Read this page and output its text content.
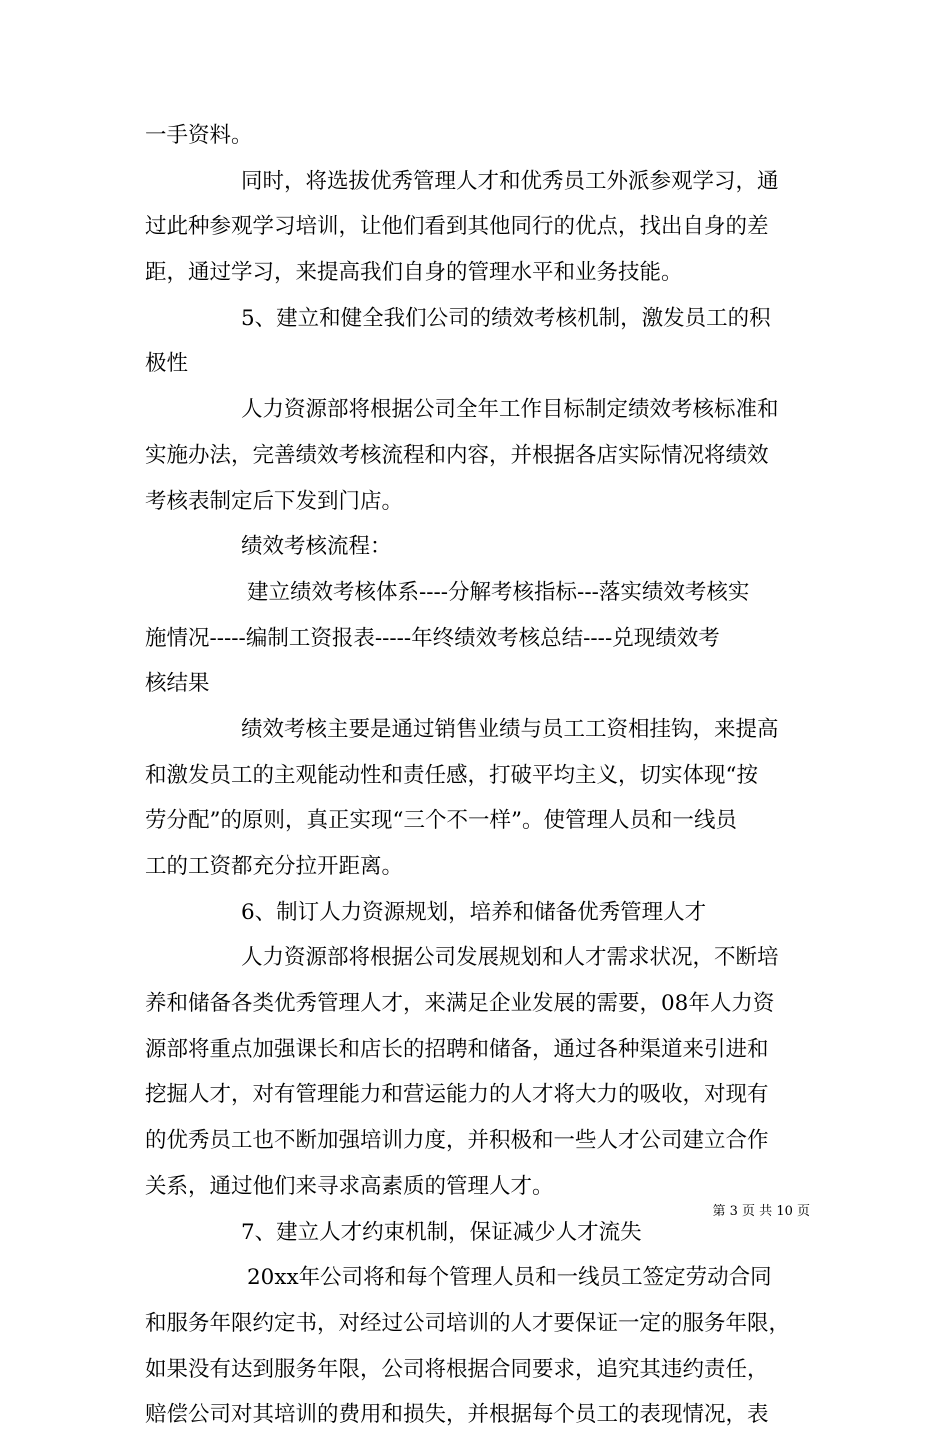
一手资料。
同时，将选拔优秀管理人才和优秀员工外派参观学习，通
过此种参观学习培训，让他们看到其他同行的优点，找出自身的差
距，通过学习，来提高我们自身的管理水平和业务技能。
5、建立和健全我们公司的绩效考核机制，激发员工的积
极性
人力资源部将根据公司全年工作目标制定绩效考核标准和
实施办法，完善绩效考核流程和内容，并根据各店实际情况将绩效
考核表制定后下发到门店。
绩效考核流程：
建立绩效考核体系----分解考核指标---落实绩效考核实
施情况-----编制工资报表-----年终绩效考核总结----兑现绩效考
核结果
绩效考核主要是通过销售业绩与员工工资相挂钩，来提高
和激发员工的主观能动性和责任感，打破平均主义，切实体现“按
劳分配”的原则，真正实现“三个不一样”。使管理人员和一线员
工的工资都充分拉开距离。
6、制订人力资源规划，培养和储备优秀管理人才
人力资源部将根据公司发展规划和人才需求状况，不断培
养和储备各类优秀管理人才，来满足企业发展的需要，08年人力资
源部将重点加强课长和店长的招聘和储备，通过各种渠道来引进和
挖掘人才，对有管理能力和营运能力的人才将大力的吸收，对现有
的优秀员工也不断加强培训力度，并积极和一些人才公司建立合作
关系，通过他们来寻求高素质的管理人才。
7、建立人才约束机制，保证减少人才流失
20xx年公司将和每个管理人员和一线员工签定劳动合同
和服务年限约定书，对经过公司培训的人才要保证一定的服务年限，
如果没有达到服务年限，公司将根据合同要求，追究其违约责任，
赔偿公司对其培训的费用和损失，并根据每个员工的表现情况，表
第 3 页 共 10 页
